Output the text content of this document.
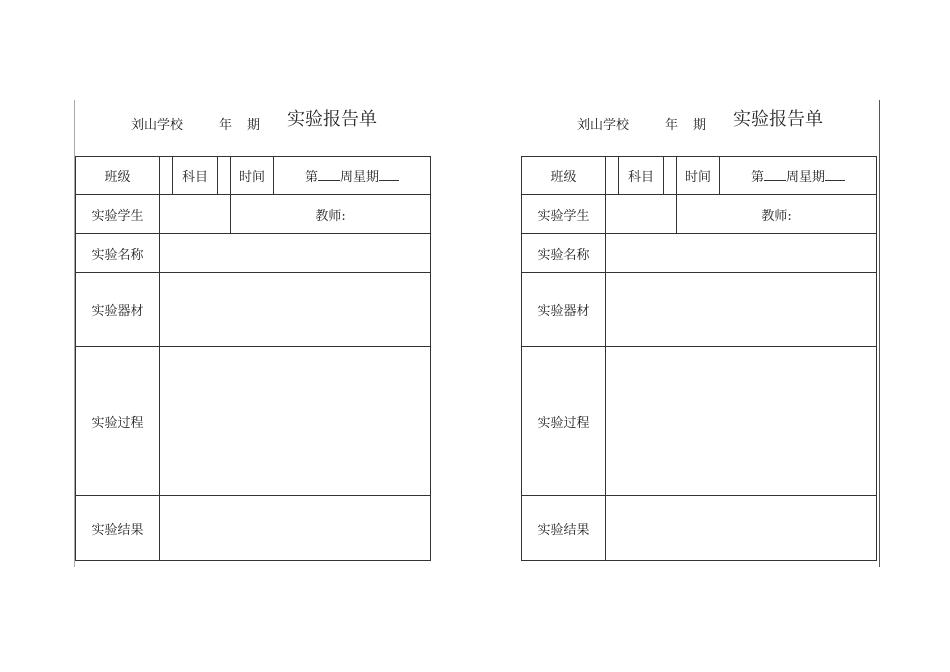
刘山学校	年 期 实验报告单
班级		科目		时间	第 周星期
实验学生				教师:	
实验名称					
实验器材					
实验过程					
实验结果					
刘山学校	年 期 实验报告单
班级		科目		时间	第 周星期
实验学生				教师:	
实验名称					
实验器材					
实验过程					
实验结果					
